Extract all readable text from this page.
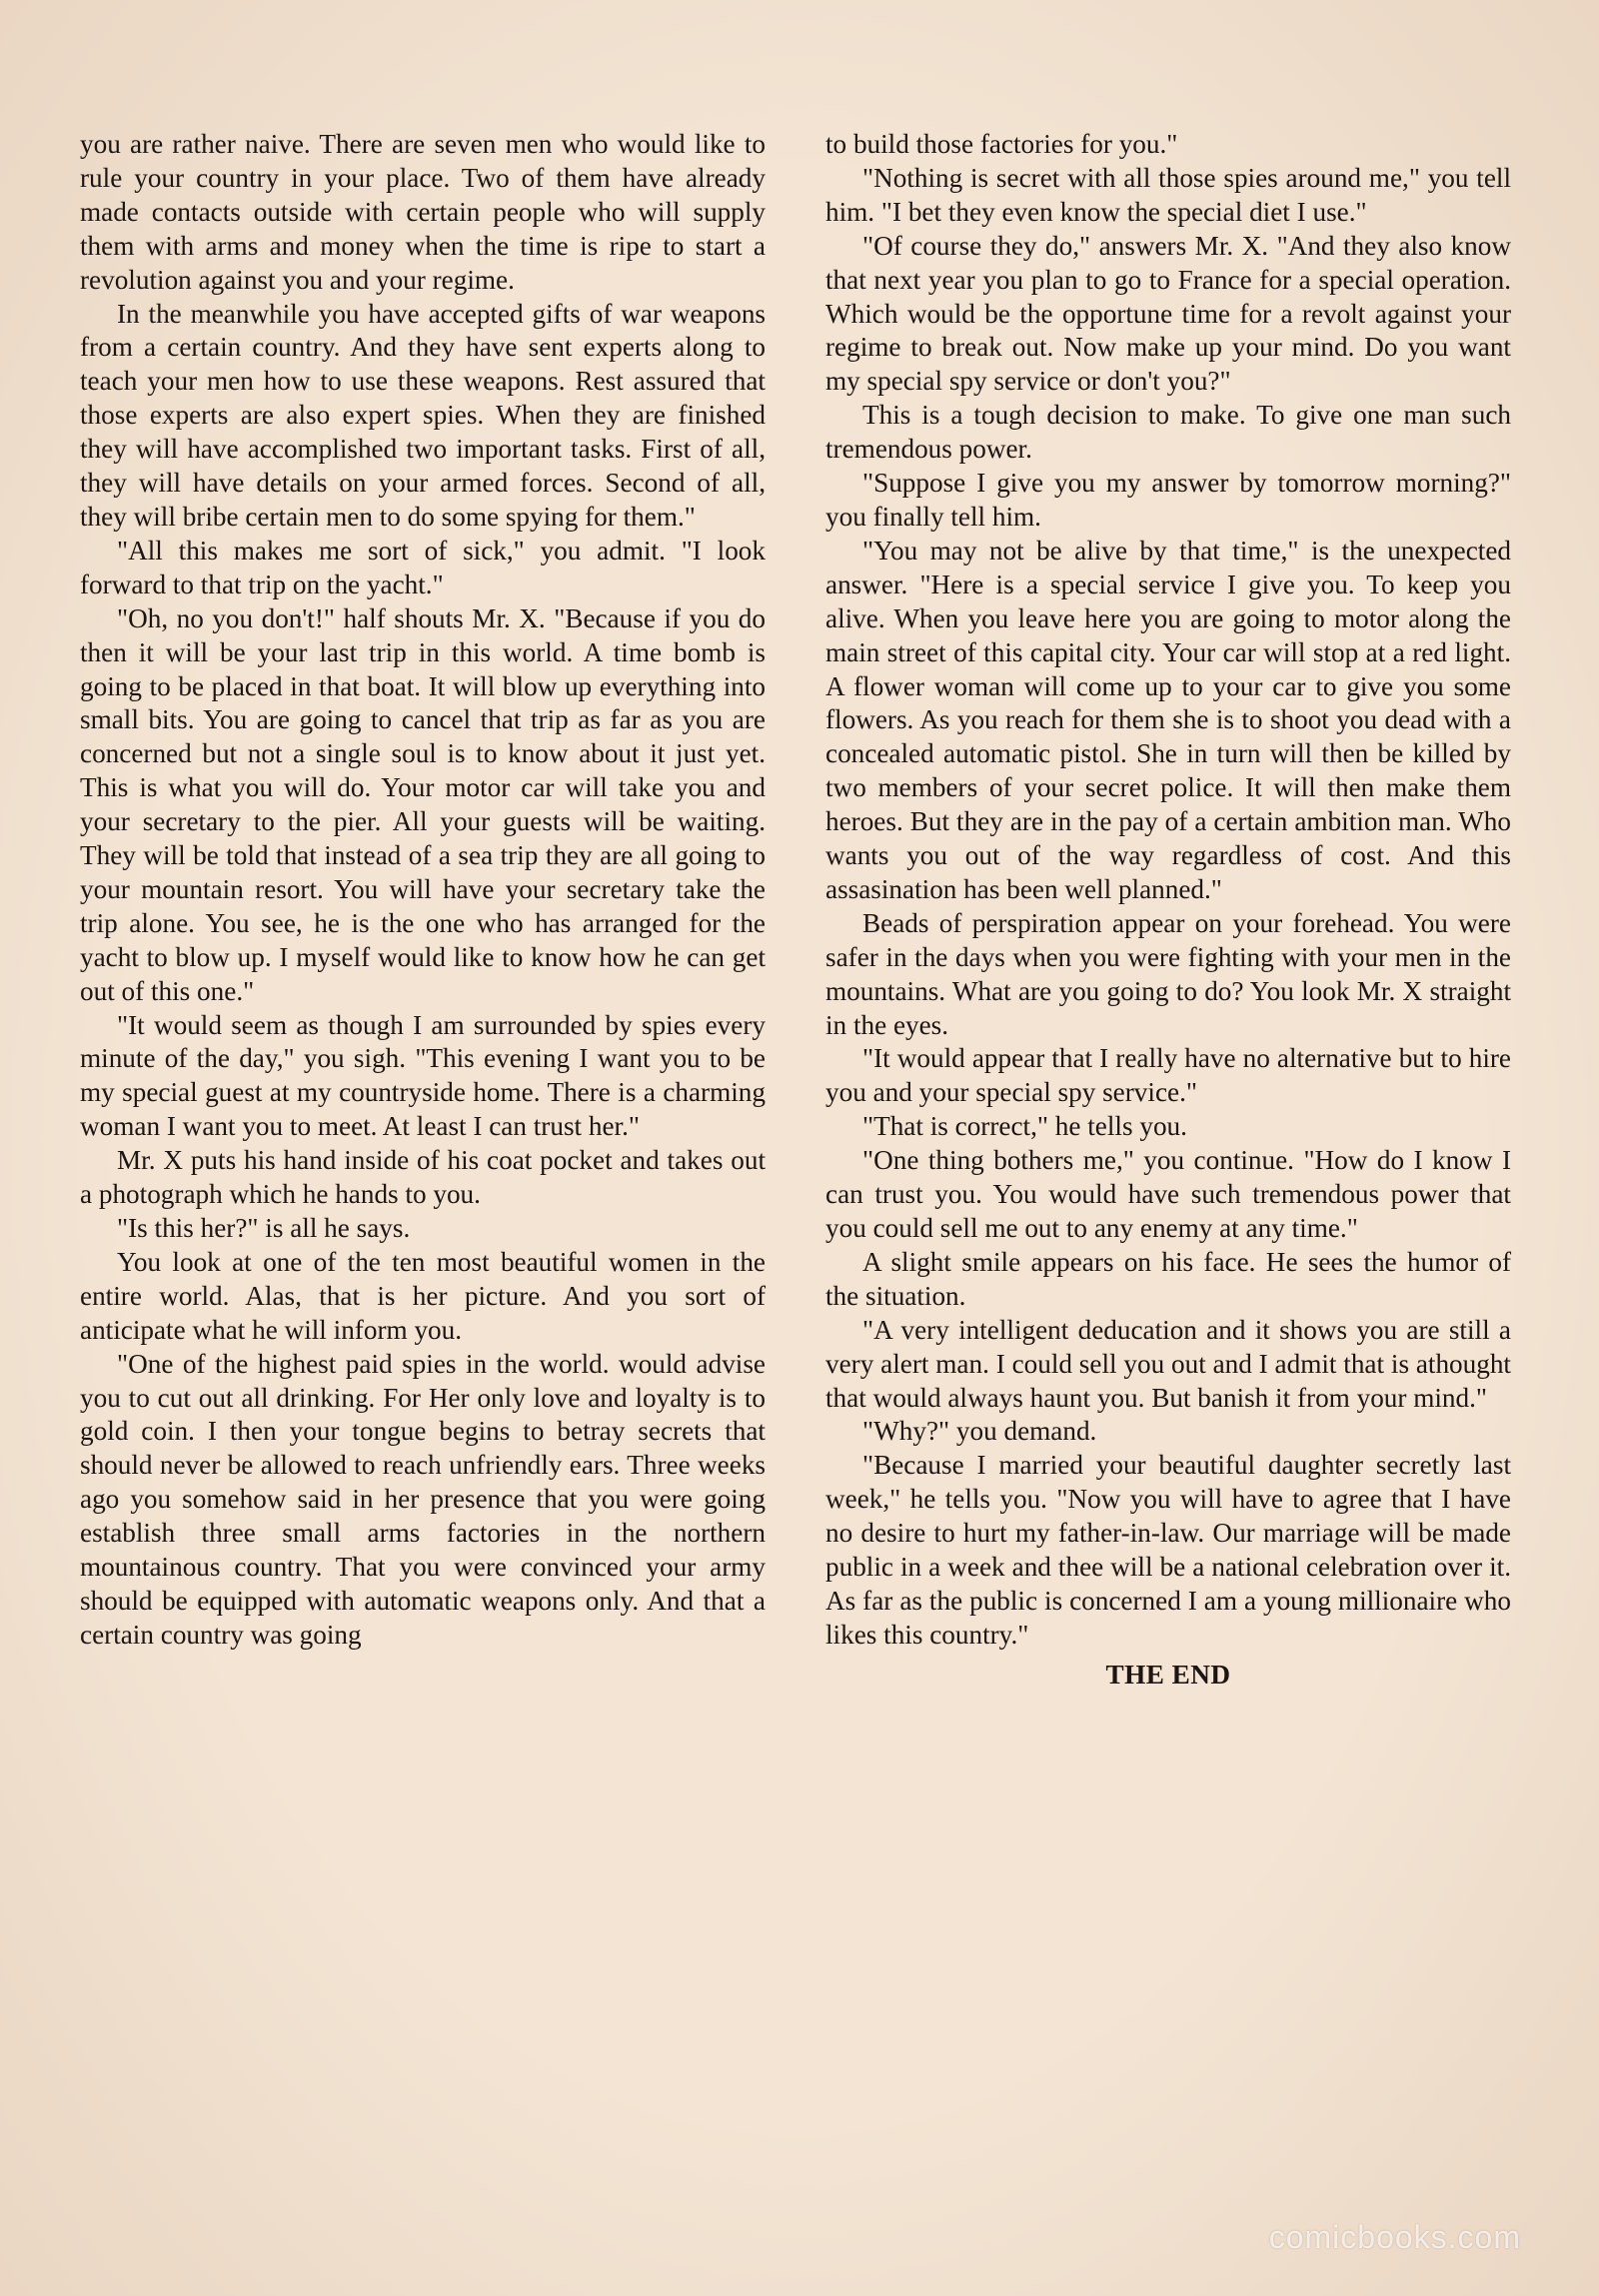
you are rather naive. There are seven men who would like to rule your country in your place. Two of them have already made contacts outside with certain people who will supply them with arms and money when the time is ripe to start a revolution against you and your regime.

In the meanwhile you have accepted gifts of war weapons from a certain country. And they have sent experts along to teach your men how to use these weapons. Rest assured that those experts are also expert spies. When they are finished they will have accomplished two important tasks. First of all, they will have details on your armed forces. Second of all, they will bribe certain men to do some spying for them."

"All this makes me sort of sick," you admit. "I look forward to that trip on the yacht."

"Oh, no you don't!" half shouts Mr. X. "Because if you do then it will be your last trip in this world. A time bomb is going to be placed in that boat. It will blow up everything into small bits. You are going to cancel that trip as far as you are concerned but not a single soul is to know about it just yet. This is what you will do. Your motor car will take you and your secretary to the pier. All your guests will be waiting. They will be told that instead of a sea trip they are all going to your mountain resort. You will have your secretary take the trip alone. You see, he is the one who has arranged for the yacht to blow up. I myself would like to know how he can get out of this one."

"It would seem as though I am surrounded by spies every minute of the day," you sigh. "This evening I want you to be my special guest at my countryside home. There is a charming woman I want you to meet. At least I can trust her."

Mr. X puts his hand inside of his coat pocket and takes out a photograph which he hands to you.

"Is this her?" is all he says.

You look at one of the ten most beautiful women in the entire world. Alas, that is her picture. And you sort of anticipate what he will inform you.

"One of the highest paid spies in the world. would advise you to cut out all drinking. For Her only love and loyalty is to gold coin. I then your tongue begins to betray secrets that should never be allowed to reach unfriendly ears. Three weeks ago you somehow said in her presence that you were going establish three small arms factories in the northern mountainous country. That you were convinced your army should be equipped with automatic weapons only. And that a certain country was going

to build those factories for you."

"Nothing is secret with all those spies around me," you tell him. "I bet they even know the special diet I use."

"Of course they do," answers Mr. X. "And they also know that next year you plan to go to France for a special operation. Which would be the opportune time for a revolt against your regime to break out. Now make up your mind. Do you want my special spy service or don't you?"

This is a tough decision to make. To give one man such tremendous power.

"Suppose I give you my answer by tomorrow morning?" you finally tell him.

"You may not be alive by that time," is the unexpected answer. "Here is a special service I give you. To keep you alive. When you leave here you are going to motor along the main street of this capital city. Your car will stop at a red light. A flower woman will come up to your car to give you some flowers. As you reach for them she is to shoot you dead with a concealed automatic pistol. She in turn will then be killed by two members of your secret police. It will then make them heroes. But they are in the pay of a certain ambition man. Who wants you out of the way regardless of cost. And this assasination has been well planned."

Beads of perspiration appear on your forehead. You were safer in the days when you were fighting with your men in the mountains. What are you going to do? You look Mr. X straight in the eyes.

"It would appear that I really have no alternative but to hire you and your special spy service."

"That is correct," he tells you.

"One thing bothers me," you continue. "How do I know I can trust you. You would have such tremendous power that you could sell me out to any enemy at any time."

A slight smile appears on his face. He sees the humor of the situation.

"A very intelligent deducation and it shows you are still a very alert man. I could sell you out and I admit that is athought that would always haunt you. But banish it from your mind."

"Why?" you demand.

"Because I married your beautiful daughter secretly last week," he tells you. "Now you will have to agree that I have no desire to hurt my father-in-law. Our marriage will be made public in a week and thee will be a national celebration over it. As far as the public is concerned I am a young millionaire who likes this country."

THE END

comicbooks.com
